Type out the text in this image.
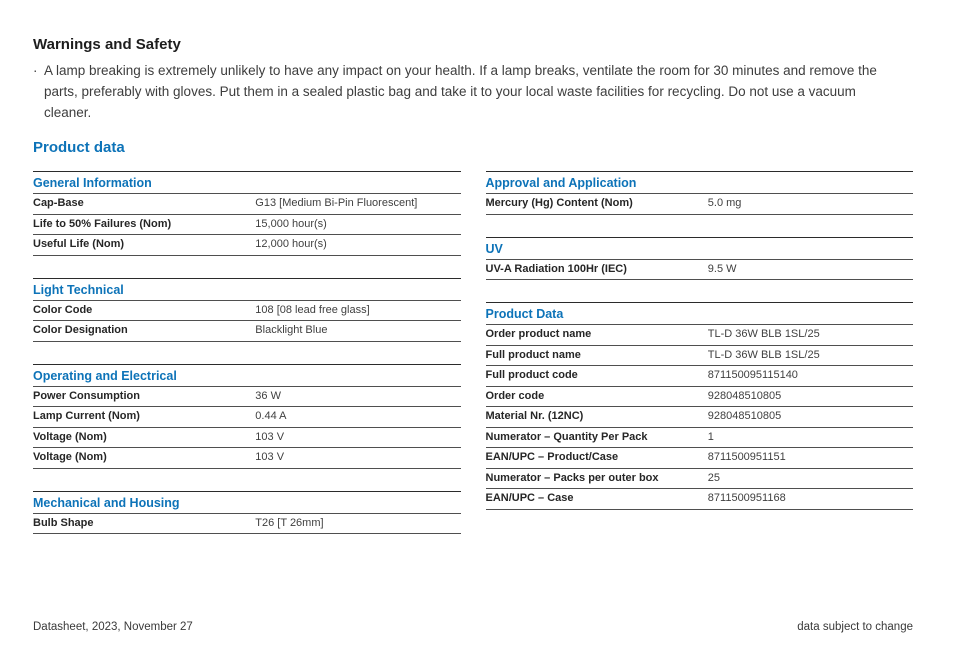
Warnings and Safety
· A lamp breaking is extremely unlikely to have any impact on your health. If a lamp breaks, ventilate the room for 30 minutes and remove the parts, preferably with gloves. Put them in a sealed plastic bag and take it to your local waste facilities for recycling. Do not use a vacuum cleaner.
Product data
General Information
Cap-Base	G13 [Medium Bi-Pin Fluorescent]
Life to 50% Failures (Nom)	15,000 hour(s)
Useful Life (Nom)	12,000 hour(s)
Light Technical
Color Code	108 [08 lead free glass]
Color Designation	Blacklight Blue
Operating and Electrical
Power Consumption	36 W
Lamp Current (Nom)	0.44 A
Voltage (Nom)	103 V
Voltage (Nom)	103 V
Mechanical and Housing
Bulb Shape	T26 [T 26mm]
Approval and Application
Mercury (Hg) Content (Nom)	5.0 mg
UV
UV-A Radiation 100Hr (IEC)	9.5 W
Product Data
Order product name	TL-D 36W BLB 1SL/25
Full product name	TL-D 36W BLB 1SL/25
Full product code	871150095115140
Order code	928048510805
Material Nr. (12NC)	928048510805
Numerator – Quantity Per Pack	1
EAN/UPC – Product/Case	8711500951151
Numerator – Packs per outer box	25
EAN/UPC – Case	8711500951168
Datasheet, 2023, November 27	data subject to change
